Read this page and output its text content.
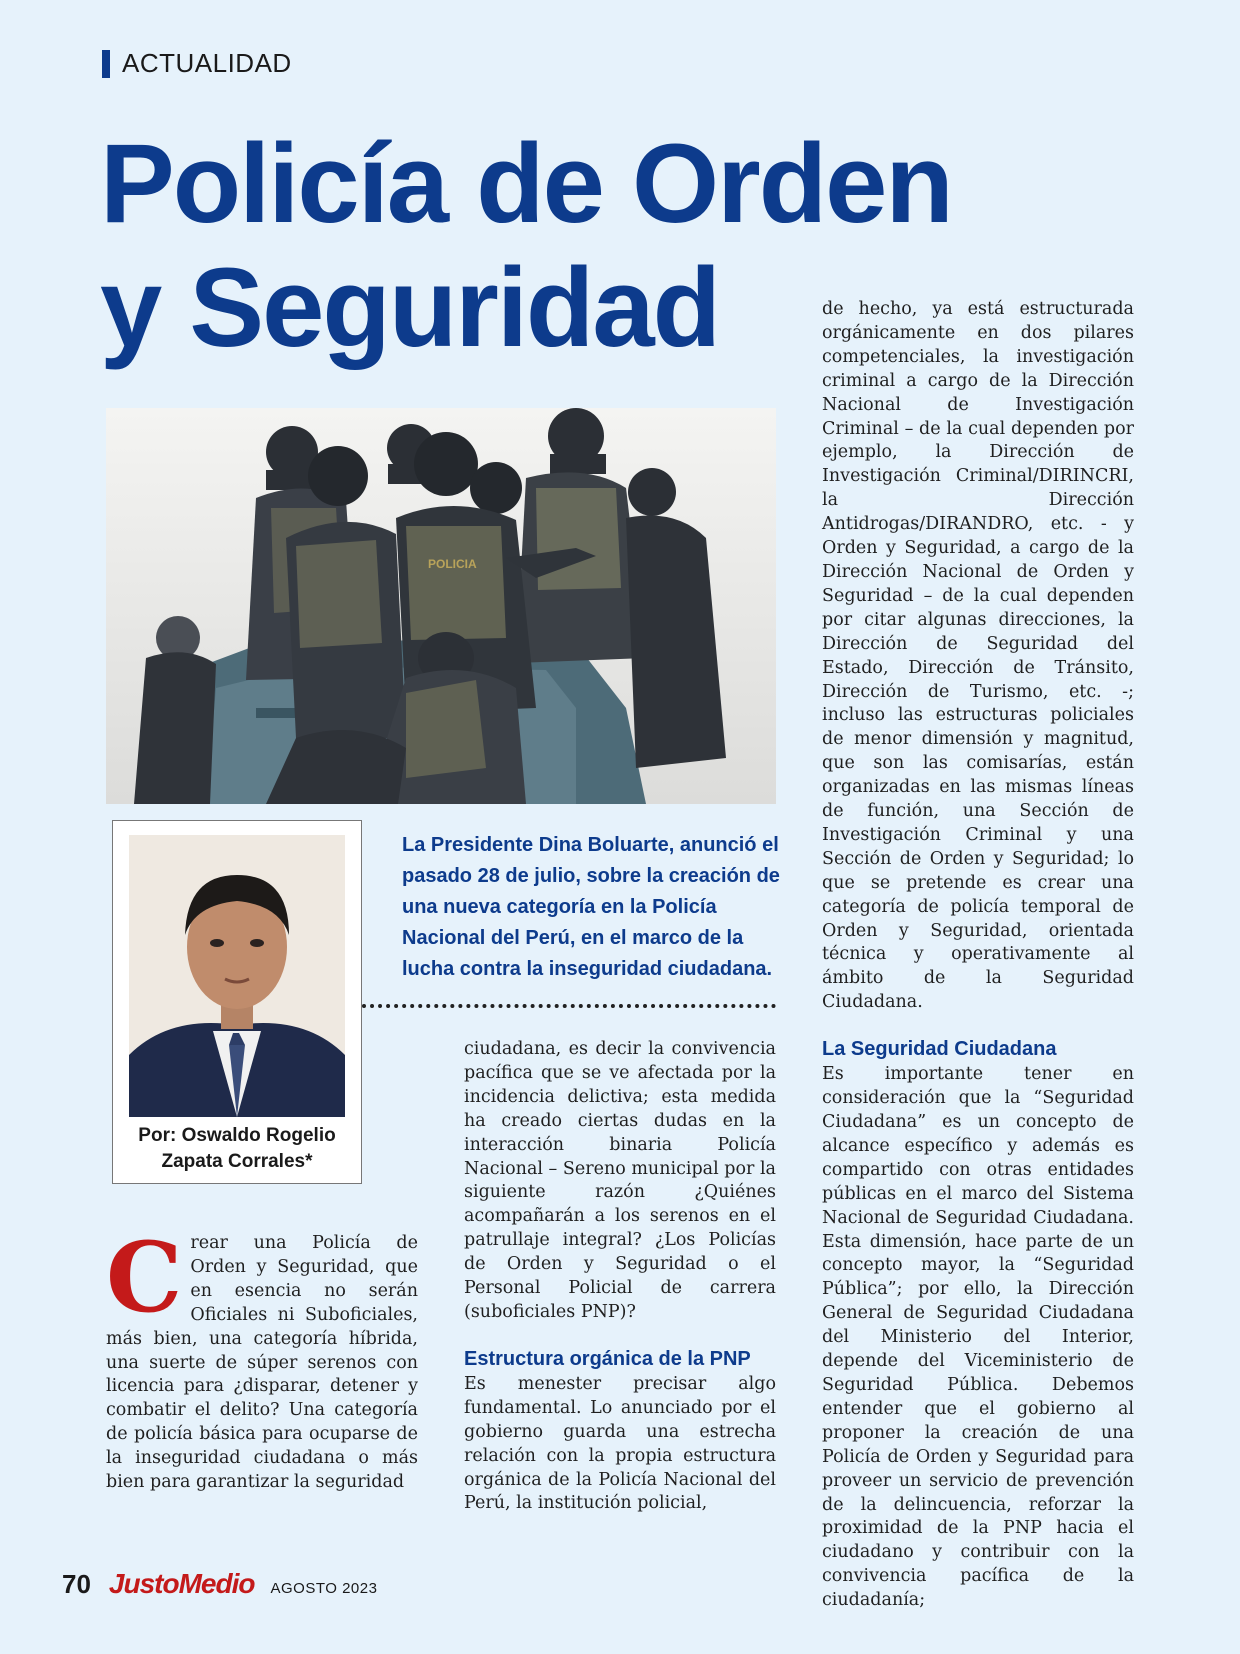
ACTUALIDAD
Policía de Orden
y Seguridad
POLICIA
Por: Oswaldo Rogelio
Zapata Corrales*

La Presidente Dina Boluarte, anunció el pasado 28 de julio, sobre la creación de una nueva categoría en la Policía Nacional del Perú, en el marco de la lucha contra la inseguridad ciudadana.

Crear una Policía de Orden y Seguridad, que en esencia no serán Oficiales ni Suboficiales, más bien, una categoría híbrida, una suerte de súper serenos con licencia para ¿disparar, detener y combatir el delito? Una categoría de policía básica para ocuparse de la inseguridad ciudadana o más bien para garantizar la seguridad

ciudadana, es decir la convivencia pacífica que se ve afectada por la incidencia delictiva; esta medida ha creado ciertas dudas en la interacción binaria Policía Nacional – Sereno municipal por la siguiente razón ¿Quiénes acompañarán a los serenos en el patrullaje integral? ¿Los Policías de Orden y Seguridad o el Personal Policial de carrera (suboficiales PNP)?

Estructura orgánica de la PNP

Es menester precisar algo fundamental. Lo anunciado por el gobierno guarda una estrecha relación con la propia estructura orgánica de la Policía Nacional del Perú, la institución policial,

de hecho, ya está estructurada orgánicamente en dos pilares competenciales, la investigación criminal a cargo de la Dirección Nacional de Investigación Criminal – de la cual dependen por ejemplo, la Dirección de Investigación Criminal/DIRINCRI, la Dirección Antidrogas/DIRANDRO, etc. - y Orden y Seguridad, a cargo de la Dirección Nacional de Orden y Seguridad – de la cual dependen por citar algunas direcciones, la Dirección de Seguridad del Estado, Dirección de Tránsito, Dirección de Turismo, etc. -; incluso las estructuras policiales de menor dimensión y magnitud, que son las comisarías, están organizadas en las mismas líneas de función, una Sección de Investigación Criminal y una Sección de Orden y Seguridad; lo que se pretende es crear una categoría de policía temporal de Orden y Seguridad, orientada técnica y operativamente al ámbito de la Seguridad Ciudadana.

La Seguridad Ciudadana

Es importante tener en consideración que la “Seguridad Ciudadana” es un concepto de alcance específico y además es compartido con otras entidades públicas en el marco del Sistema Nacional de Seguridad Ciudadana. Esta dimensión, hace parte de un concepto mayor, la “Seguridad Pública”; por ello, la Dirección General de Seguridad Ciudadana del Ministerio del Interior, depende del Viceministerio de Seguridad Pública. Debemos entender que el gobierno al proponer la creación de una Policía de Orden y Seguridad para proveer un servicio de prevención de la delincuencia, reforzar la proximidad de la PNP hacia el ciudadano y contribuir con la convivencia pacífica de la ciudadanía;

70 JustoMedio AGOSTO 2023
